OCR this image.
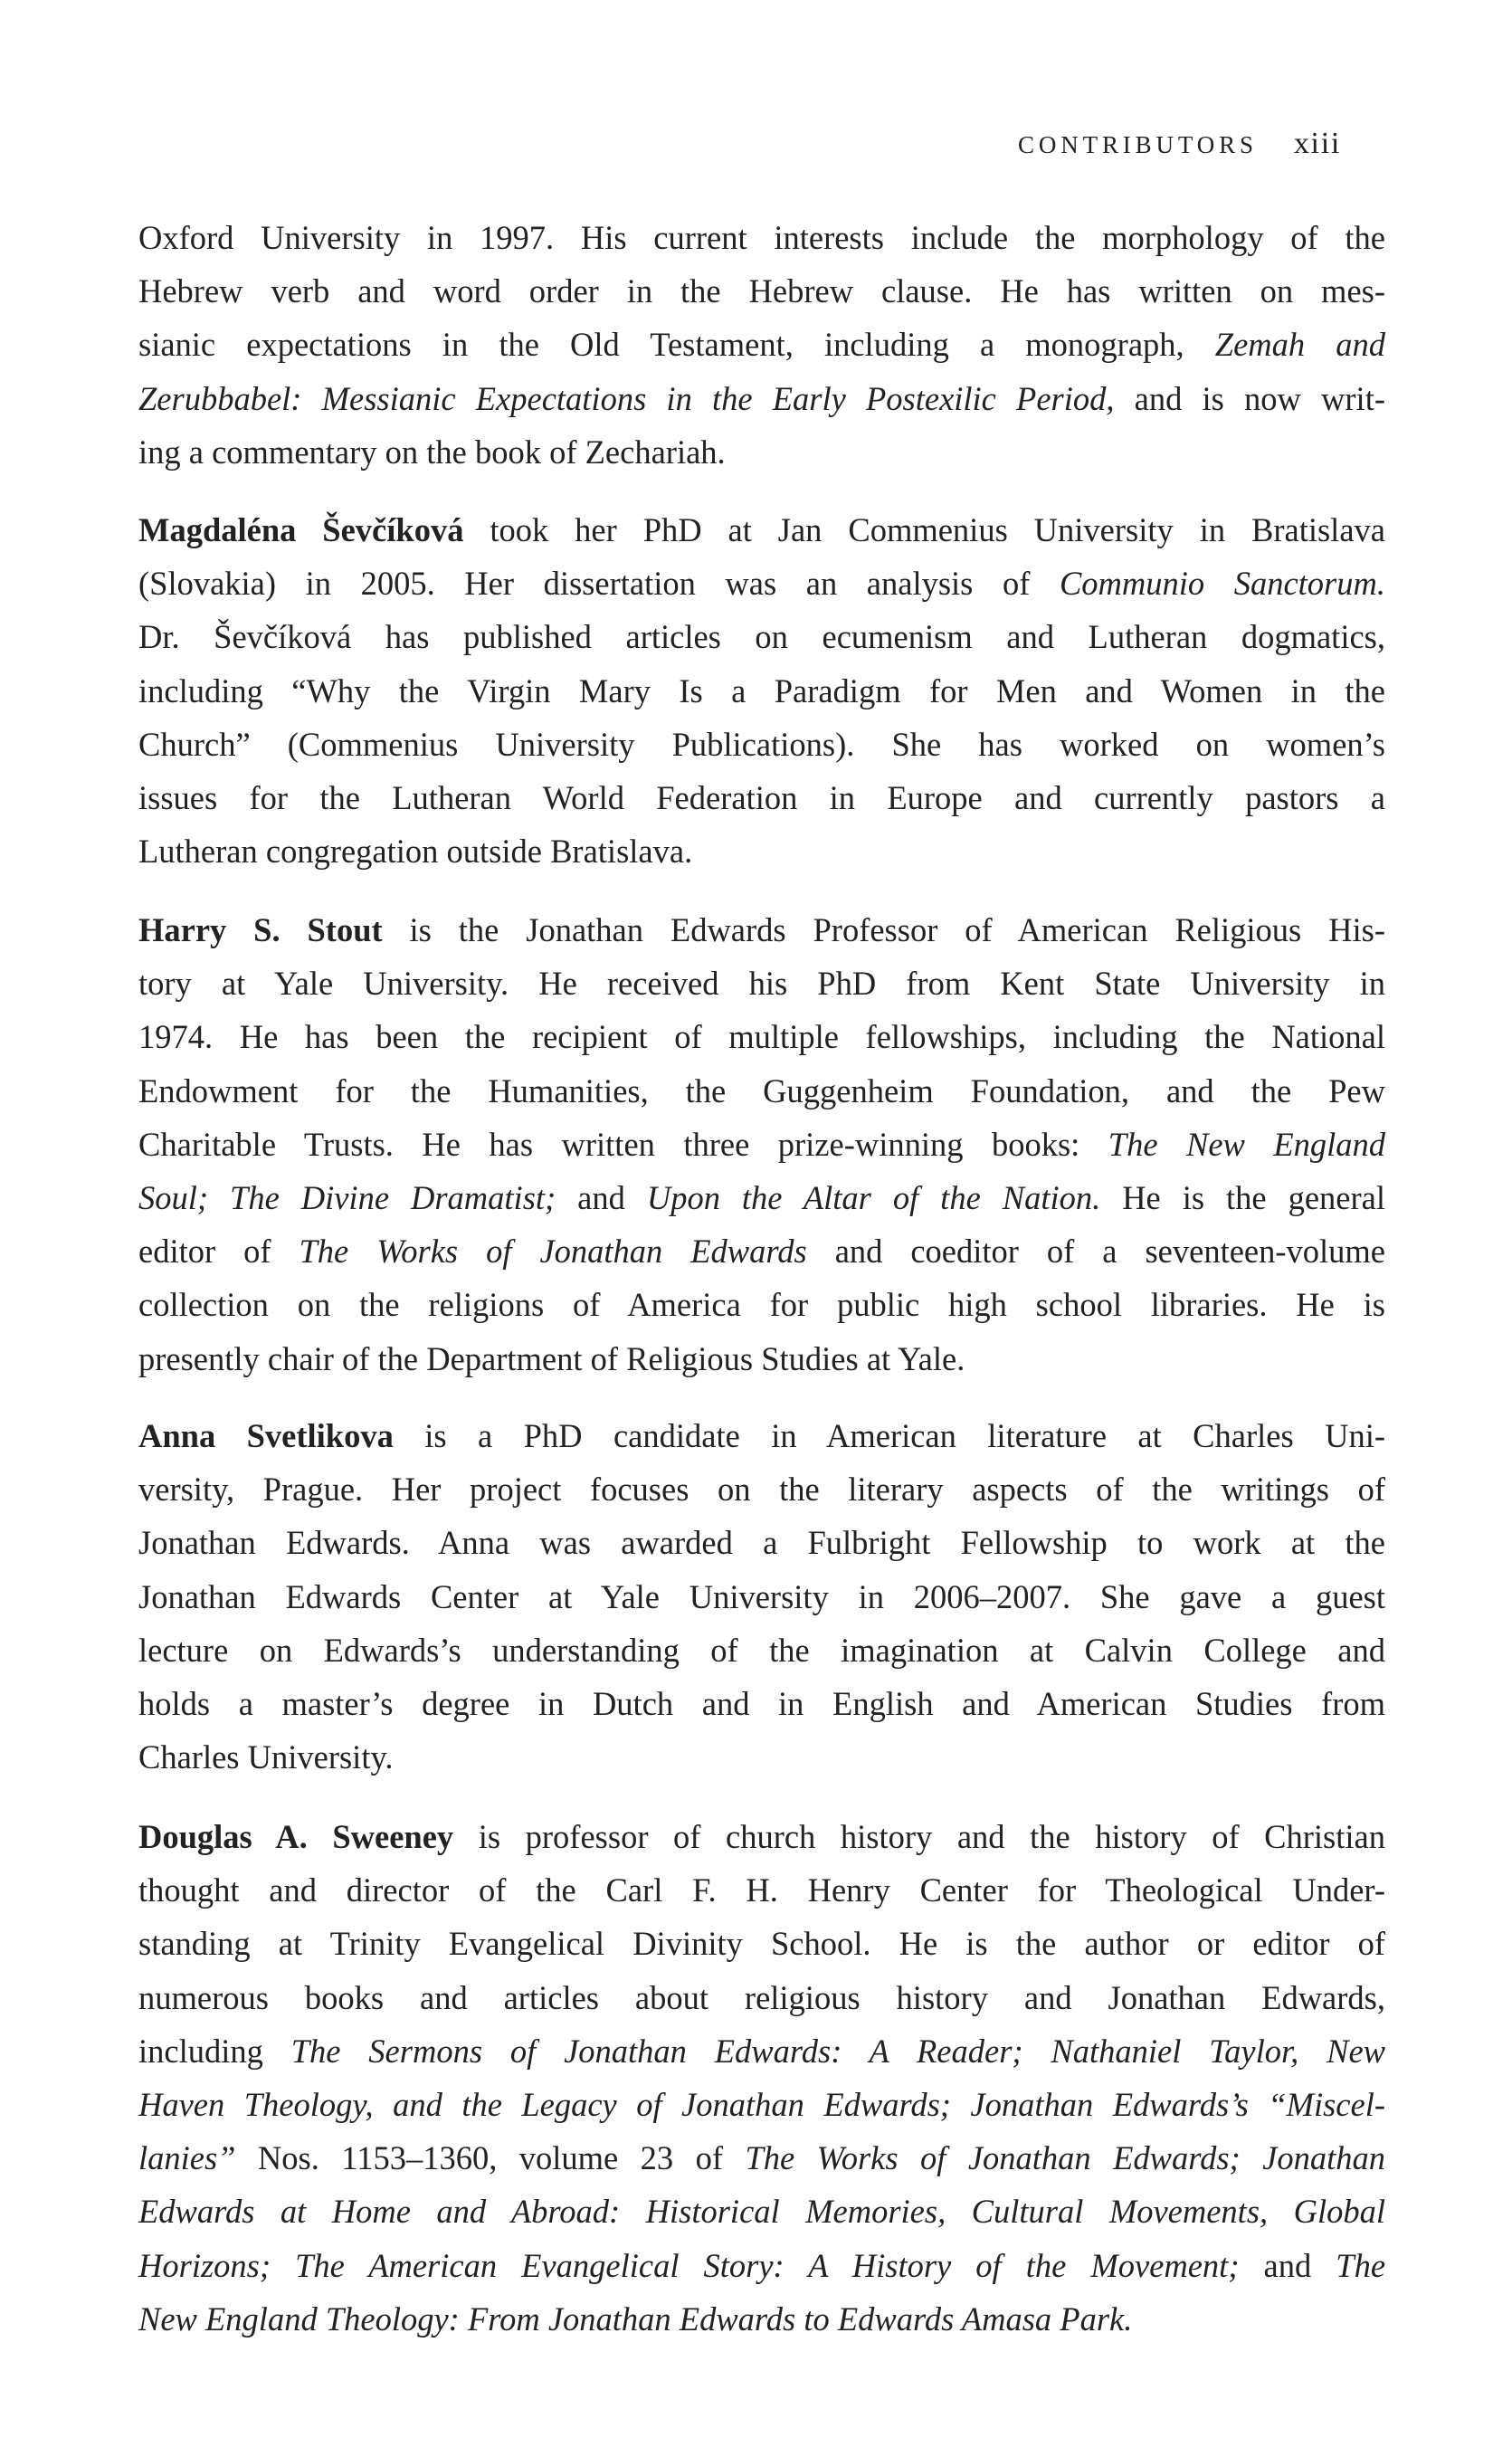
CONTRIBUTORS xiii
Oxford University in 1997. His current interests include the morphology of the
Hebrew verb and word order in the Hebrew clause. He has written on mes-
sianic expectations in the Old Testament, including a monograph, Zemah and
Zerubbabel: Messianic Expectations in the Early Postexilic Period, and is now writ-
ing a commentary on the book of Zechariah.
Magdaléna Ševčíková took her PhD at Jan Commenius University in Bratislava
(Slovakia) in 2005. Her dissertation was an analysis of Communio Sanctorum.
Dr. Ševčíková has published articles on ecumenism and Lutheran dogmatics,
including “Why the Virgin Mary Is a Paradigm for Men and Women in the
Church” (Commenius University Publications). She has worked on women’s
issues for the Lutheran World Federation in Europe and currently pastors a
Lutheran congregation outside Bratislava.
Harry S. Stout is the Jonathan Edwards Professor of American Religious His-
tory at Yale University. He received his PhD from Kent State University in
1974. He has been the recipient of multiple fellowships, including the National
Endowment for the Humanities, the Guggenheim Foundation, and the Pew
Charitable Trusts. He has written three prize-winning books: The New England
Soul; The Divine Dramatist; and Upon the Altar of the Nation. He is the general
editor of The Works of Jonathan Edwards and coeditor of a seventeen-volume
collection on the religions of America for public high school libraries. He is
presently chair of the Department of Religious Studies at Yale.
Anna Svetlikova is a PhD candidate in American literature at Charles Uni-
versity, Prague. Her project focuses on the literary aspects of the writings of
Jonathan Edwards. Anna was awarded a Fulbright Fellowship to work at the
Jonathan Edwards Center at Yale University in 2006–2007. She gave a guest
lecture on Edwards’s understanding of the imagination at Calvin College and
holds a master’s degree in Dutch and in English and American Studies from
Charles University.
Douglas A. Sweeney is professor of church history and the history of Christian
thought and director of the Carl F. H. Henry Center for Theological Under-
standing at Trinity Evangelical Divinity School. He is the author or editor of
numerous books and articles about religious history and Jonathan Edwards,
including The Sermons of Jonathan Edwards: A Reader; Nathaniel Taylor, New
Haven Theology, and the Legacy of Jonathan Edwards; Jonathan Edwards’s “Miscel-
lanies” Nos. 1153–1360, volume 23 of The Works of Jonathan Edwards; Jonathan
Edwards at Home and Abroad: Historical Memories, Cultural Movements, Global
Horizons; The American Evangelical Story: A History of the Movement; and The
New England Theology: From Jonathan Edwards to Edwards Amasa Park.
